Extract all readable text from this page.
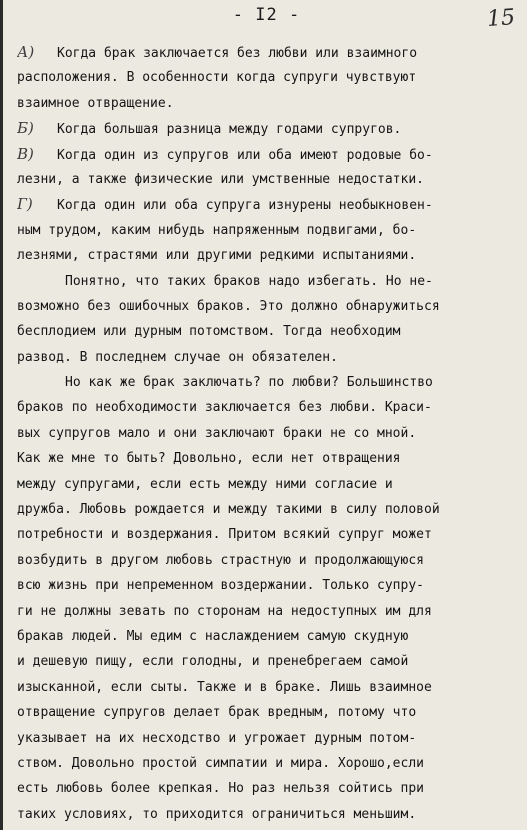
- I2 -	15
А) Когда брак заключается без любви или взаимного
расположения. В особенности когда супруги чувствуют
взаимное отвращение.
Б) Когда большая разница между годами супругов.
В) Когда один из супругов или оба имеют родовые бо-
лезни, а также физические или умственные недостатки.
Г) Когда один или оба супруга изнурены необыкновен-
ным трудом, каким нибудь напряженным подвигами, бо-
лезнями, страстями или другими редкими испытаниями.
Понятно, что таких браков надо избегать. Но не-
возможно без ошибочных браков. Это должно обнаружиться
бесплодием или дурным потомством. Тогда необходим
развод. В последнем случае он обязателен.
Но как же брак заключать? по любви? Большинство
браков по необходимости заключается без любви. Краси-
вых супругов мало и они заключают браки не со мной.
Как же мне то быть? Довольно, если нет отвращения
между супругами, если есть между ними согласие и
дружба. Любовь рождается и между такими в силу половой
потребности и воздержания. Притом всякий супруг может
возбудить в другом любовь страстную и продолжающуюся
всю жизнь при непременном воздержании. Только супру-
ги не должны зевать по сторонам на недоступных им для
бракав людей. Мы едим с наслаждением самую скудную
и дешевую пищу, если голодны, и пренебрегаем самой
изысканной, если сыты. Также и в браке. Лишь взаимное
отвращение супругов делает брак вредным, потому что
указывает на их несходство и угрожает дурным потом-
ством. Довольно простой симпатии и мира. Хорошо,если
есть любовь более крепкая. Но раз нельзя сойтись при
таких условиях, то приходится ограничиться меньшим.
